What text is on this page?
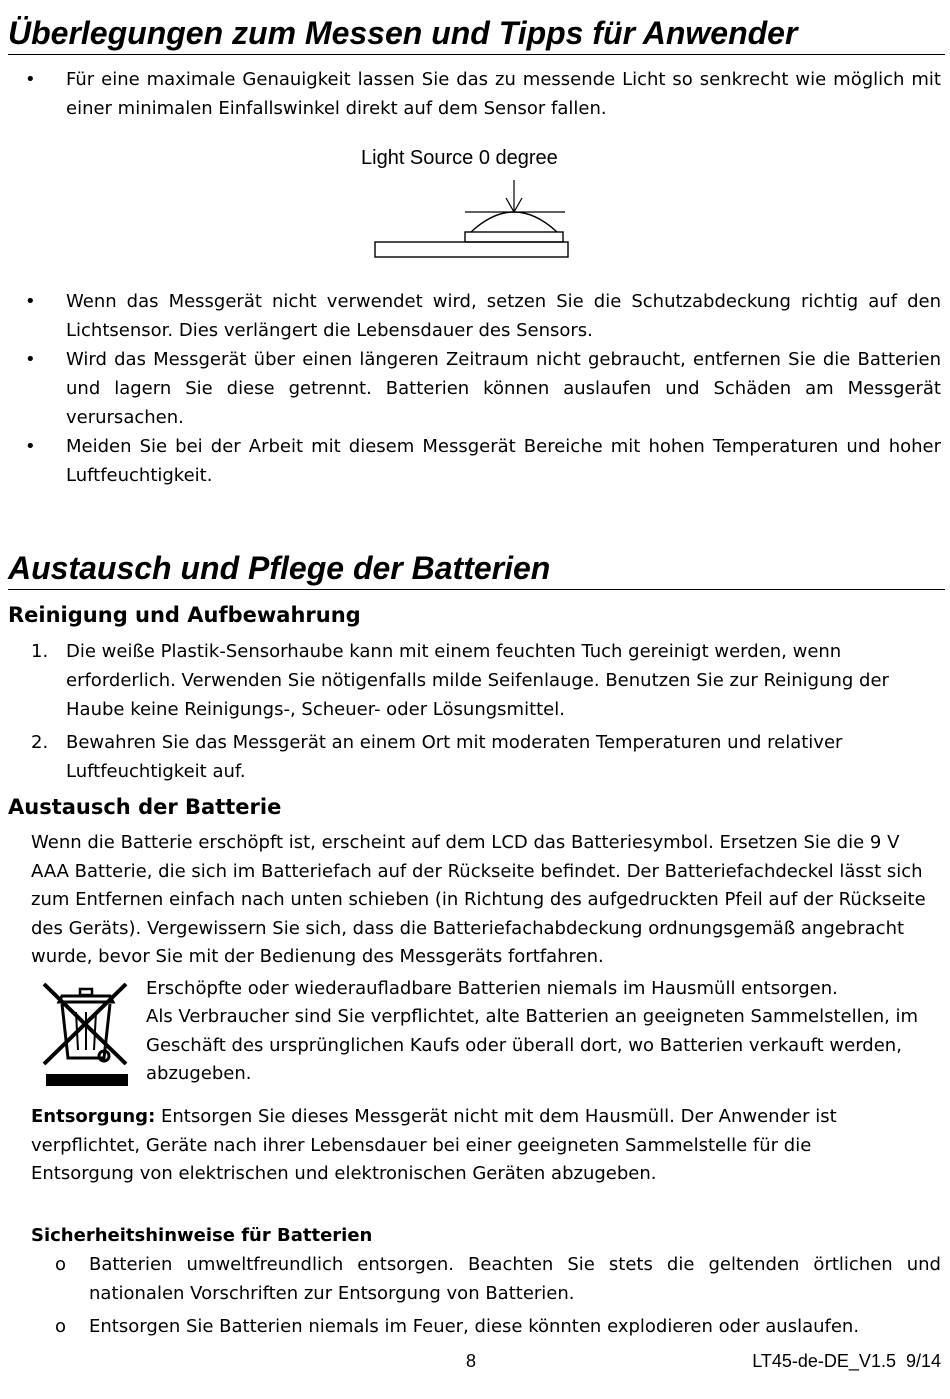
Überlegungen zum Messen und Tipps für Anwender
• Für eine maximale Genauigkeit lassen Sie das zu messende Licht so senkrecht wie möglich mit einer minimalen Einfallswinkel direkt auf dem Sensor fallen.
Light Source 0 degree
• Wenn das Messgerät nicht verwendet wird, setzen Sie die Schutzabdeckung richtig auf den Lichtsensor. Dies verlängert die Lebensdauer des Sensors.
• Wird das Messgerät über einen längeren Zeitraum nicht gebraucht, entfernen Sie die Batterien und lagern Sie diese getrennt. Batterien können auslaufen und Schäden am Messgerät verursachen.
• Meiden Sie bei der Arbeit mit diesem Messgerät Bereiche mit hohen Temperaturen und hoher Luftfeuchtigkeit.
Austausch und Pflege der Batterien
Reinigung und Aufbewahrung
1. Die weiße Plastik-Sensorhaube kann mit einem feuchten Tuch gereinigt werden, wenn erforderlich. Verwenden Sie nötigenfalls milde Seifenlauge. Benutzen Sie zur Reinigung der Haube keine Reinigungs-, Scheuer- oder Lösungsmittel.
2. Bewahren Sie das Messgerät an einem Ort mit moderaten Temperaturen und relativer Luftfeuchtigkeit auf.
Austausch der Batterie
Wenn die Batterie erschöpft ist, erscheint auf dem LCD das Batteriesymbol. Ersetzen Sie die 9 V AAA Batterie, die sich im Batteriefach auf der Rückseite befindet. Der Batteriefachdeckel lässt sich zum Entfernen einfach nach unten schieben (in Richtung des aufgedruckten Pfeil auf der Rückseite des Geräts). Vergewissern Sie sich, dass die Batteriefachabdeckung ordnungsgemäß angebracht wurde, bevor Sie mit der Bedienung des Messgeräts fortfahren.
Erschöpfte oder wiederaufladbare Batterien niemals im Hausmüll entsorgen.
Als Verbraucher sind Sie verpflichtet, alte Batterien an geeigneten Sammelstellen, im Geschäft des ursprünglichen Kaufs oder überall dort, wo Batterien verkauft werden, abzugeben.
Entsorgung: Entsorgen Sie dieses Messgerät nicht mit dem Hausmüll. Der Anwender ist verpflichtet, Geräte nach ihrer Lebensdauer bei einer geeigneten Sammelstelle für die Entsorgung von elektrischen und elektronischen Geräten abzugeben.
Sicherheitshinweise für Batterien
o Batterien umweltfreundlich entsorgen. Beachten Sie stets die geltenden örtlichen und nationalen Vorschriften zur Entsorgung von Batterien.
o Entsorgen Sie Batterien niemals im Feuer, diese könnten explodieren oder auslaufen.
8	LT45-de-DE_V1.5  9/14
